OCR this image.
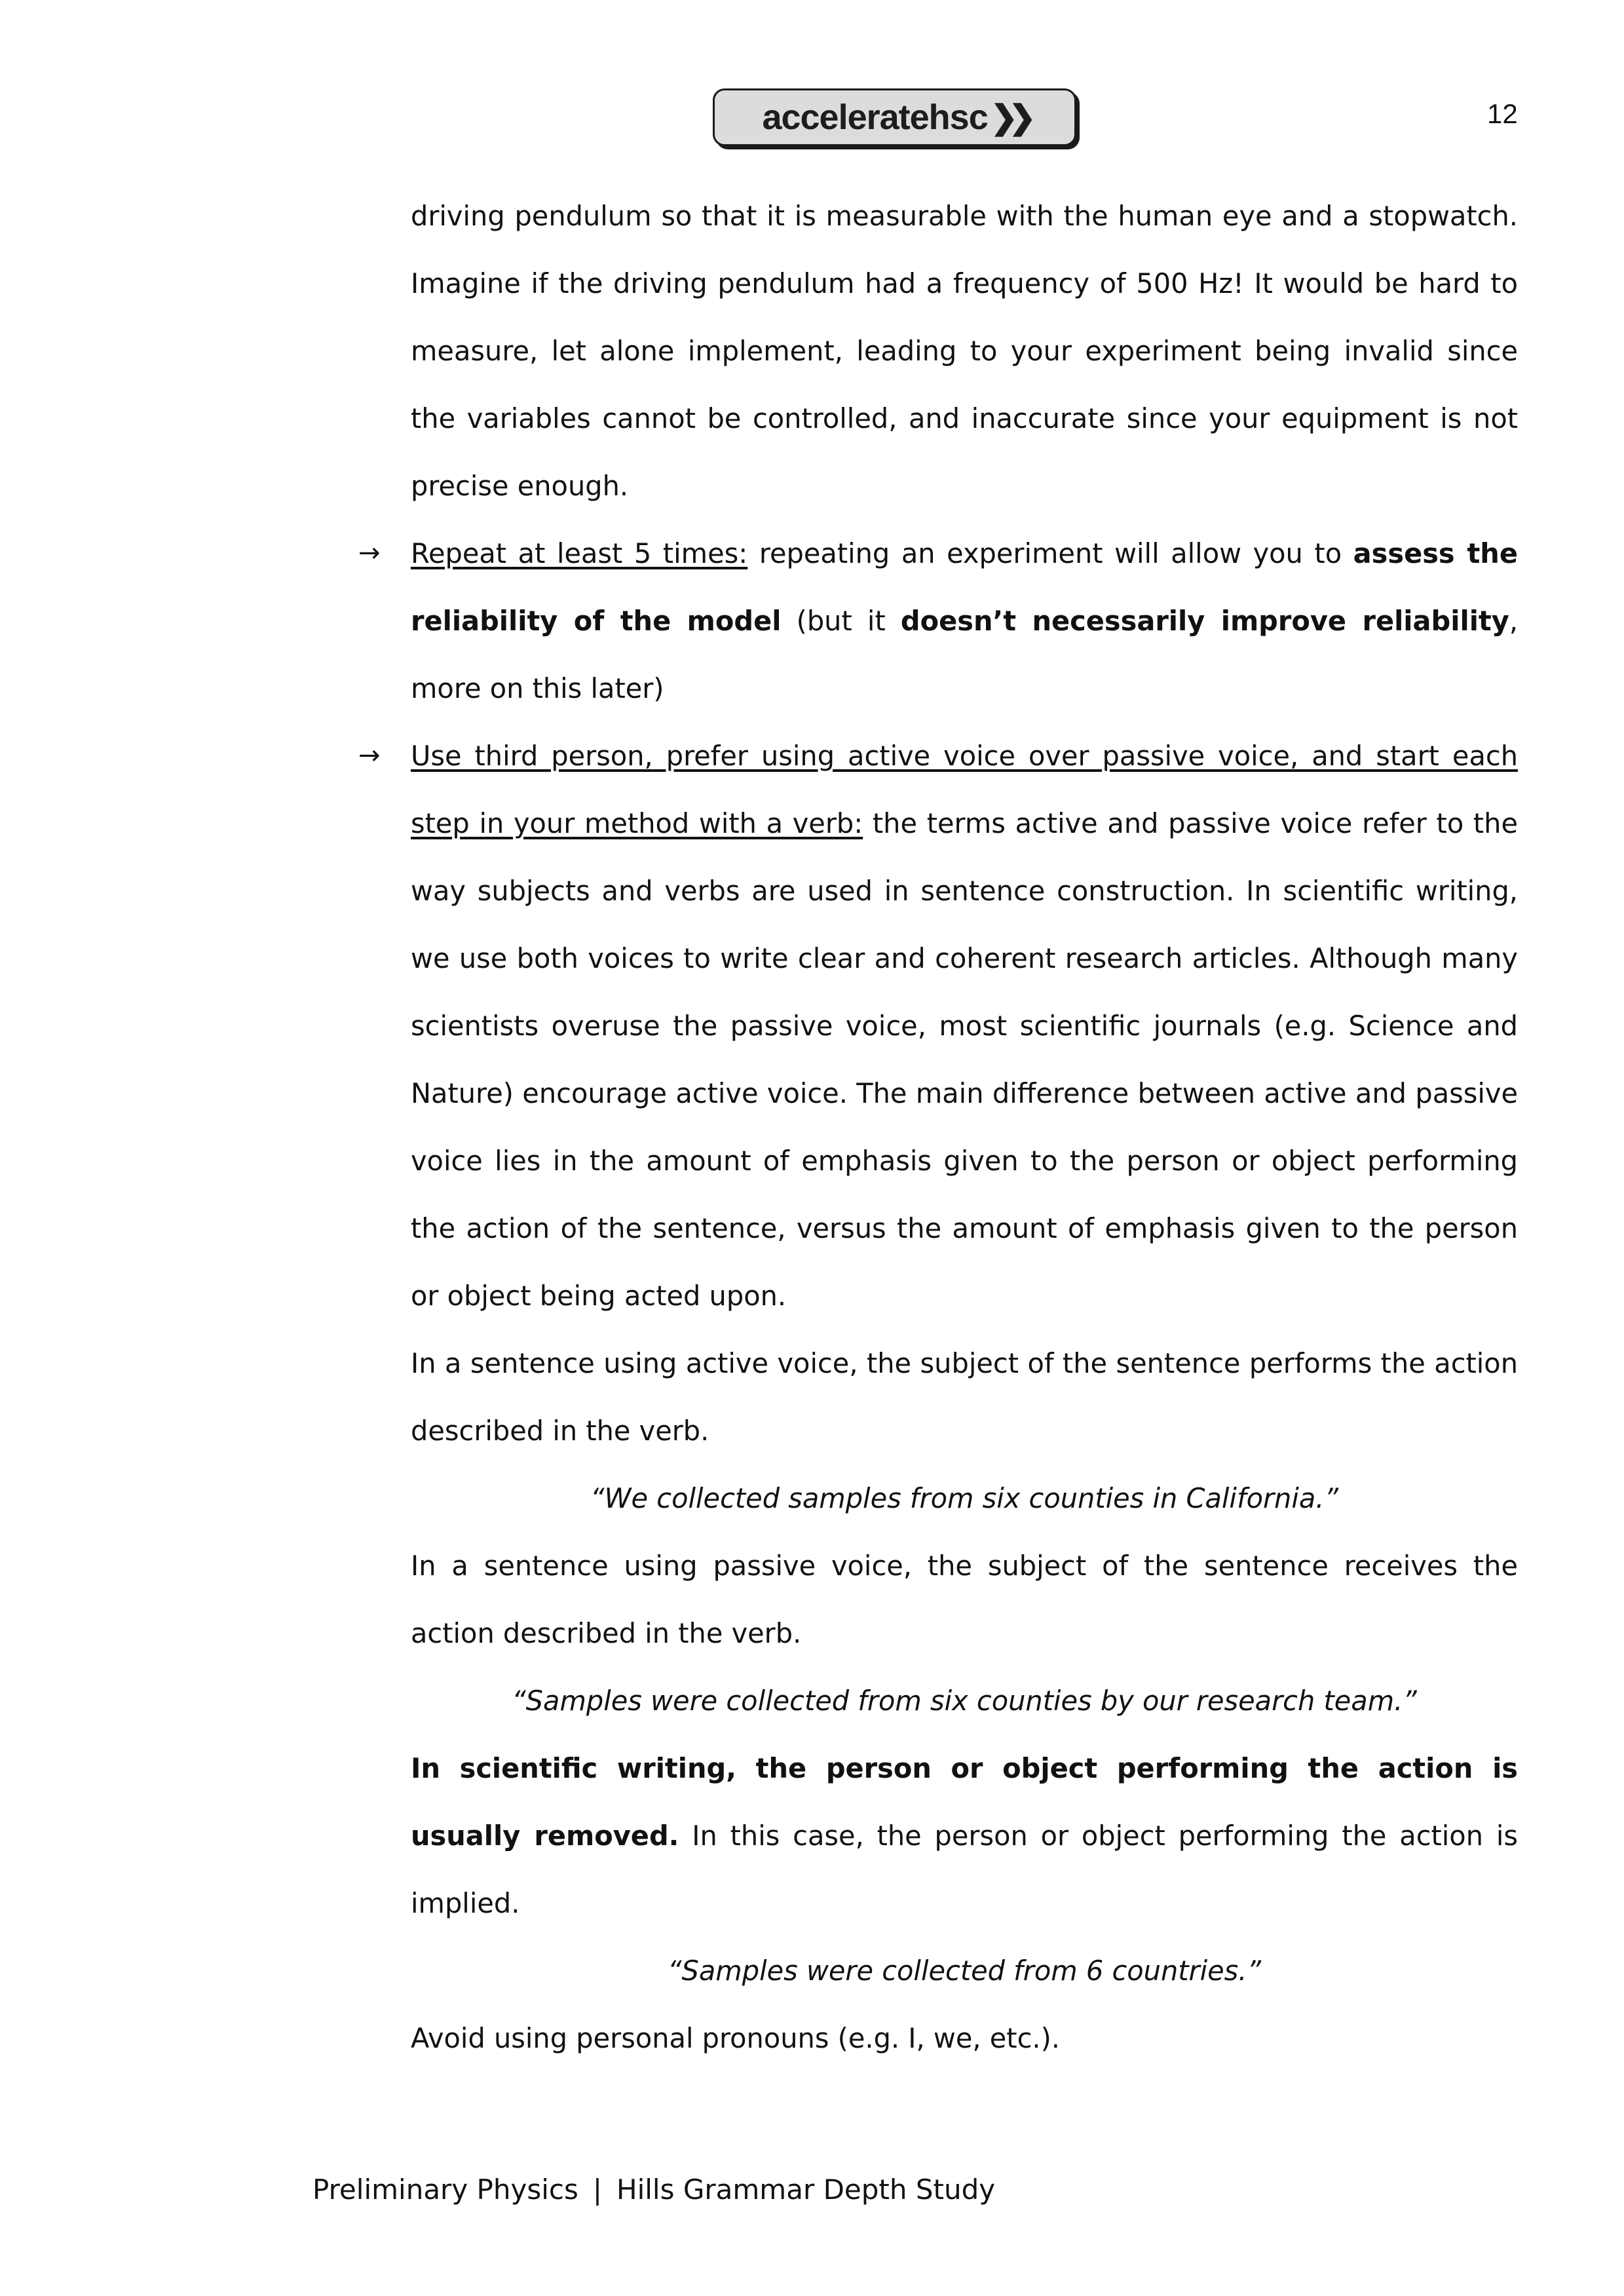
acceleratehsc ❯❯	12

driving pendulum so that it is measurable with the human eye and a stopwatch. Imagine if the driving pendulum had a frequency of 500 Hz! It would be hard to measure, let alone implement, leading to your experiment being invalid since the variables cannot be controlled, and inaccurate since your equipment is not precise enough.

→ Repeat at least 5 times: repeating an experiment will allow you to assess the reliability of the model (but it doesn’t necessarily improve reliability, more on this later)

→ Use third person, prefer using active voice over passive voice, and start each step in your method with a verb: the terms active and passive voice refer to the way subjects and verbs are used in sentence construction. In scientific writing, we use both voices to write clear and coherent research articles. Although many scientists overuse the passive voice, most scientific journals (e.g. Science and Nature) encourage active voice. The main difference between active and passive voice lies in the amount of emphasis given to the person or object performing the action of the sentence, versus the amount of emphasis given to the person or object being acted upon.

In a sentence using active voice, the subject of the sentence performs the action described in the verb.

“We collected samples from six counties in California.”

In a sentence using passive voice, the subject of the sentence receives the action described in the verb.

“Samples were collected from six counties by our research team.”

In scientific writing, the person or object performing the action is usually removed. In this case, the person or object performing the action is implied.

“Samples were collected from 6 countries.”

Avoid using personal pronouns (e.g. I, we, etc.).

Preliminary Physics | Hills Grammar Depth Study
